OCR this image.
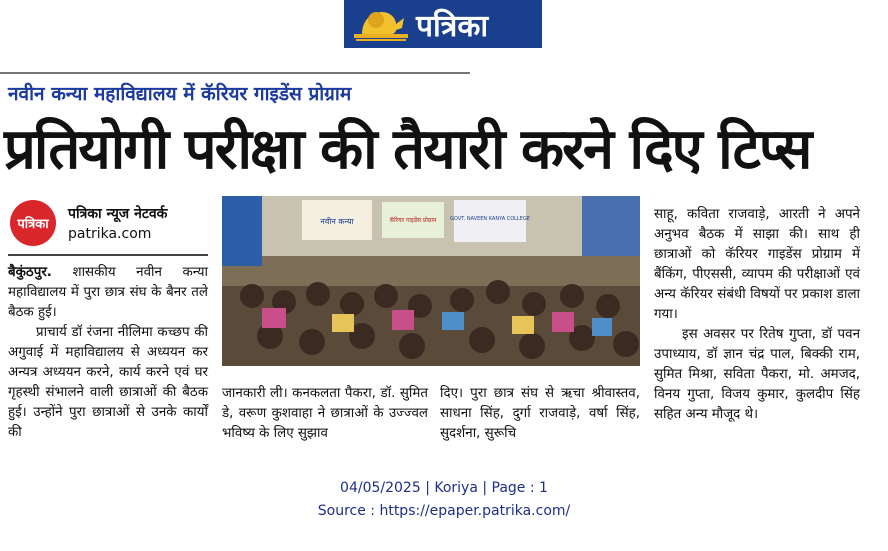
पत्रिका
नवीन कन्या महाविद्यालय में कॅरियर गाइडेंस प्रोग्राम
प्रतियोगी परीक्षा की तैयारी करने दिए टिप्स
पत्रिका
पत्रिका न्यूज नेटवर्क
patrika.com

बैकुंठपुर. शासकीय नवीन कन्या महाविद्यालय में पुरा छात्र संघ के बैनर तले बैठक हुई।

प्राचार्य डॉ रंजना नीलिमा कच्छप की अगुवाई में महाविद्यालय से अध्ययन कर अन्यत्र अध्ययन करने, कार्य करने एवं घर गृहस्थी संभालने वाली छात्राओं की बैठक हुई। उन्होंने पुरा छात्राओं से उनके कार्यों की

नवीन कन्या	कॅरियर गाइडेंस प्रोग्राम	GOVT. NAVEEN KANYA COLLEGE
जानकारी ली। कनकलता पैकरा, डॉ. सुमित डे, वरूण कुशवाहा ने छात्राओं के उज्ज्वल भविष्य के लिए सुझाव
दिए। पुरा छात्र संघ से ऋचा श्रीवास्तव, साधना सिंह, दुर्गा राजवाड़े, वर्षा सिंह, सुदर्शना, सुरूचि

साहू, कविता राजवाड़े, आरती ने अपने अनुभव बैठक में साझा की। साथ ही छात्राओं को कॅरियर गाइडेंस प्रोग्राम में बैंकिंग, पीएससी, व्यापम की परीक्षाओं एवं अन्य कॅरियर संबंधी विषयों पर प्रकाश डाला गया।

इस अवसर पर रितेष गुप्ता, डॉ पवन उपाध्याय, डॉ ज्ञान चंद्र पाल, बिक्की राम, सुमित मिश्रा, सविता पैकरा, मो. अमजद, विनय गुप्ता, विजय कुमार, कुलदीप सिंह सहित अन्य मौजूद थे।

04/05/2025 | Koriya | Page : 1
Source : https://epaper.patrika.com/
